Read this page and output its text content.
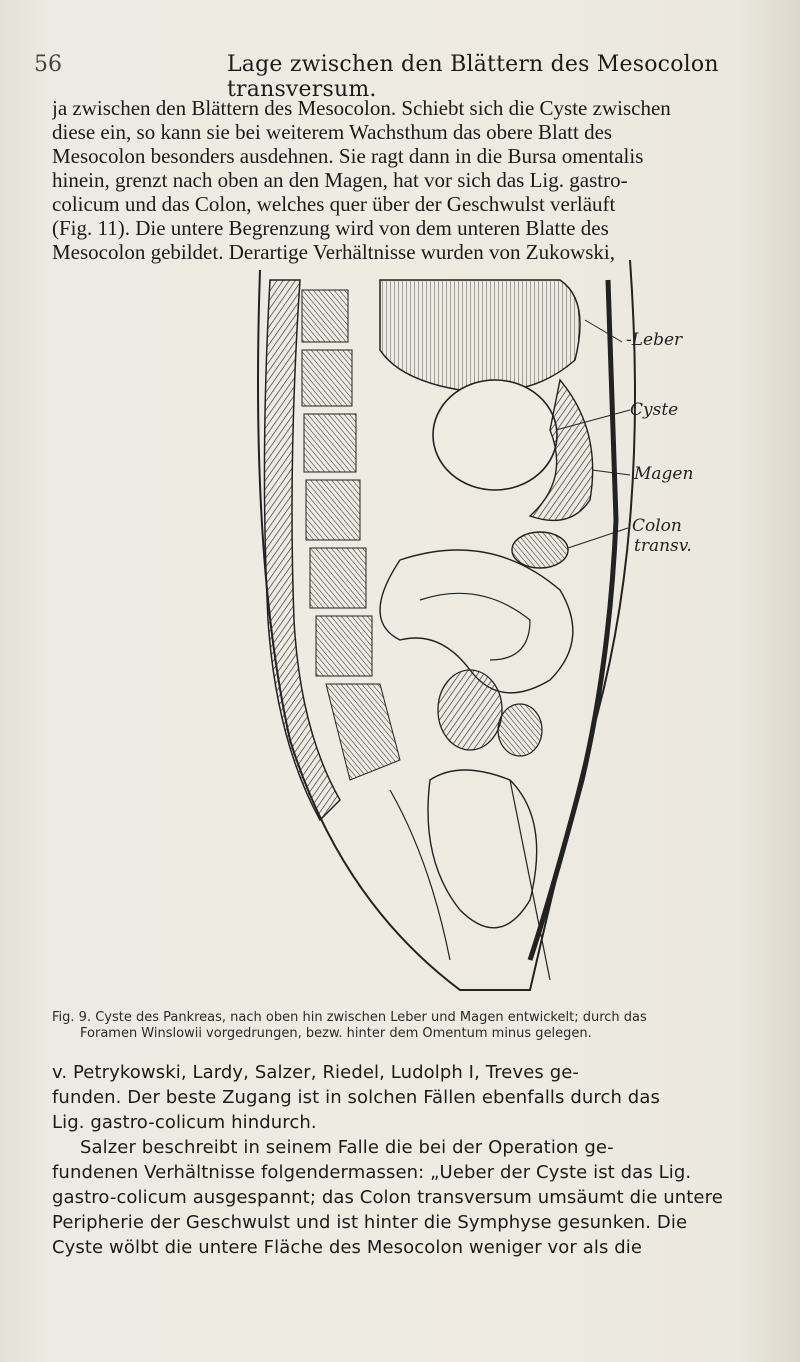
56	Lage zwischen den Blättern des Mesocolon transversum.
ja zwischen den Blättern des Mesocolon. Schiebt sich die Cyste zwischen
diese ein, so kann sie bei weiterem Wachsthum das obere Blatt des
Mesocolon besonders ausdehnen. Sie ragt dann in die Bursa omentalis
hinein, grenzt nach oben an den Magen, hat vor sich das Lig. gastro-
colicum und das Colon, welches quer über der Geschwulst verläuft
(Fig. 11). Die untere Begrenzung wird von dem unteren Blatte des
Mesocolon gebildet. Derartige Verhältnisse wurden von Zukowski,
-Leber
Cyste
Magen
Colon
transv.
Fig. 9. Cyste des Pankreas, nach oben hin zwischen Leber und Magen entwickelt; durch das
Foramen Winslowii vorgedrungen, bezw. hinter dem Omentum minus gelegen.
v. Petrykowski, Lardy, Salzer, Riedel, Ludolph I, Treves ge-
funden. Der beste Zugang ist in solchen Fällen ebenfalls durch das
Lig. gastro-colicum hindurch.
Salzer beschreibt in seinem Falle die bei der Operation ge-
fundenen Verhältnisse folgendermassen: „Ueber der Cyste ist das Lig.
gastro-colicum ausgespannt; das Colon transversum umsäumt die untere
Peripherie der Geschwulst und ist hinter die Symphyse gesunken. Die
Cyste wölbt die untere Fläche des Mesocolon weniger vor als die
